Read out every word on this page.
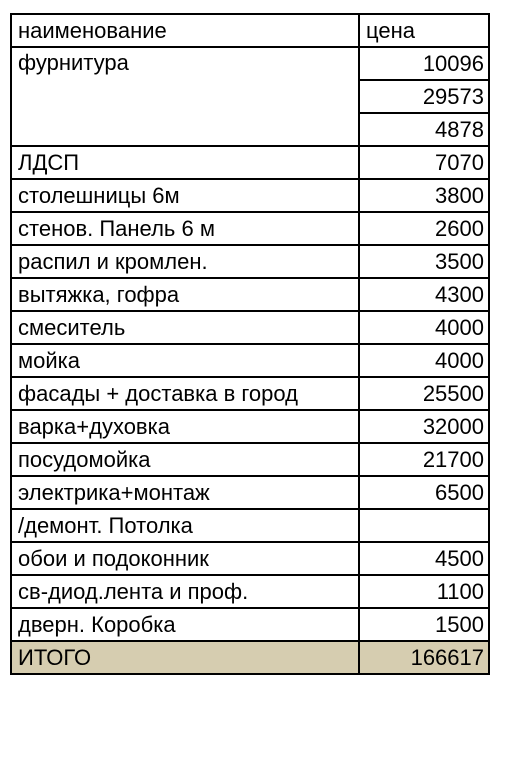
наименование	цена
фурнитура	10096
	29573
	4878
ЛДСП	7070
столешницы 6м	3800
стенов. Панель 6 м	2600
распил и кромлен.	3500
вытяжка, гофра	4300
смеситель	4000
мойка	4000
фасады + доставка в город	25500
варка+духовка	32000
посудомойка	21700
электрика+монтаж	6500
/демонт. Потолка	
обои и подоконник	4500
св-диод.лента и проф.	1100
дверн. Коробка	1500
ИТОГО	166617
